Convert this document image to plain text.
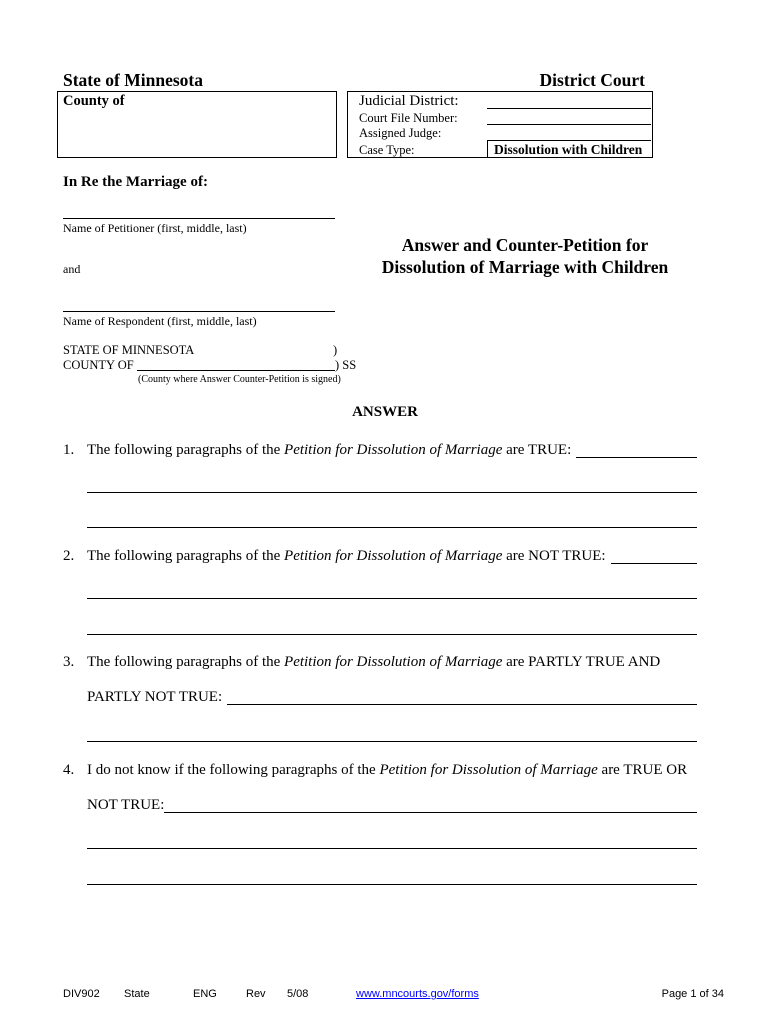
State of Minnesota	District Court
County of	Judicial District:
Court File Number:
Assigned Judge:
Case Type:	Dissolution with Children
In Re the Marriage of:
Name of Petitioner (first, middle, last)
and
Name of Respondent (first, middle, last)
Answer and Counter-Petition for
Dissolution of Marriage with Children
STATE OF MINNESOTA	)
COUNTY OF	) SS
(County where Answer Counter-Petition is signed)
ANSWER
1. The following paragraphs of the Petition for Dissolution of Marriage are TRUE:
2. The following paragraphs of the Petition for Dissolution of Marriage are NOT TRUE:
3. The following paragraphs of the Petition for Dissolution of Marriage are PARTLY TRUE AND
PARTLY NOT TRUE:
4. I do not know if the following paragraphs of the Petition for Dissolution of Marriage are TRUE OR
NOT TRUE:
DIV902 State	ENG	Rev 5/08	www.mncourts.gov/forms	Page 1 of 34
